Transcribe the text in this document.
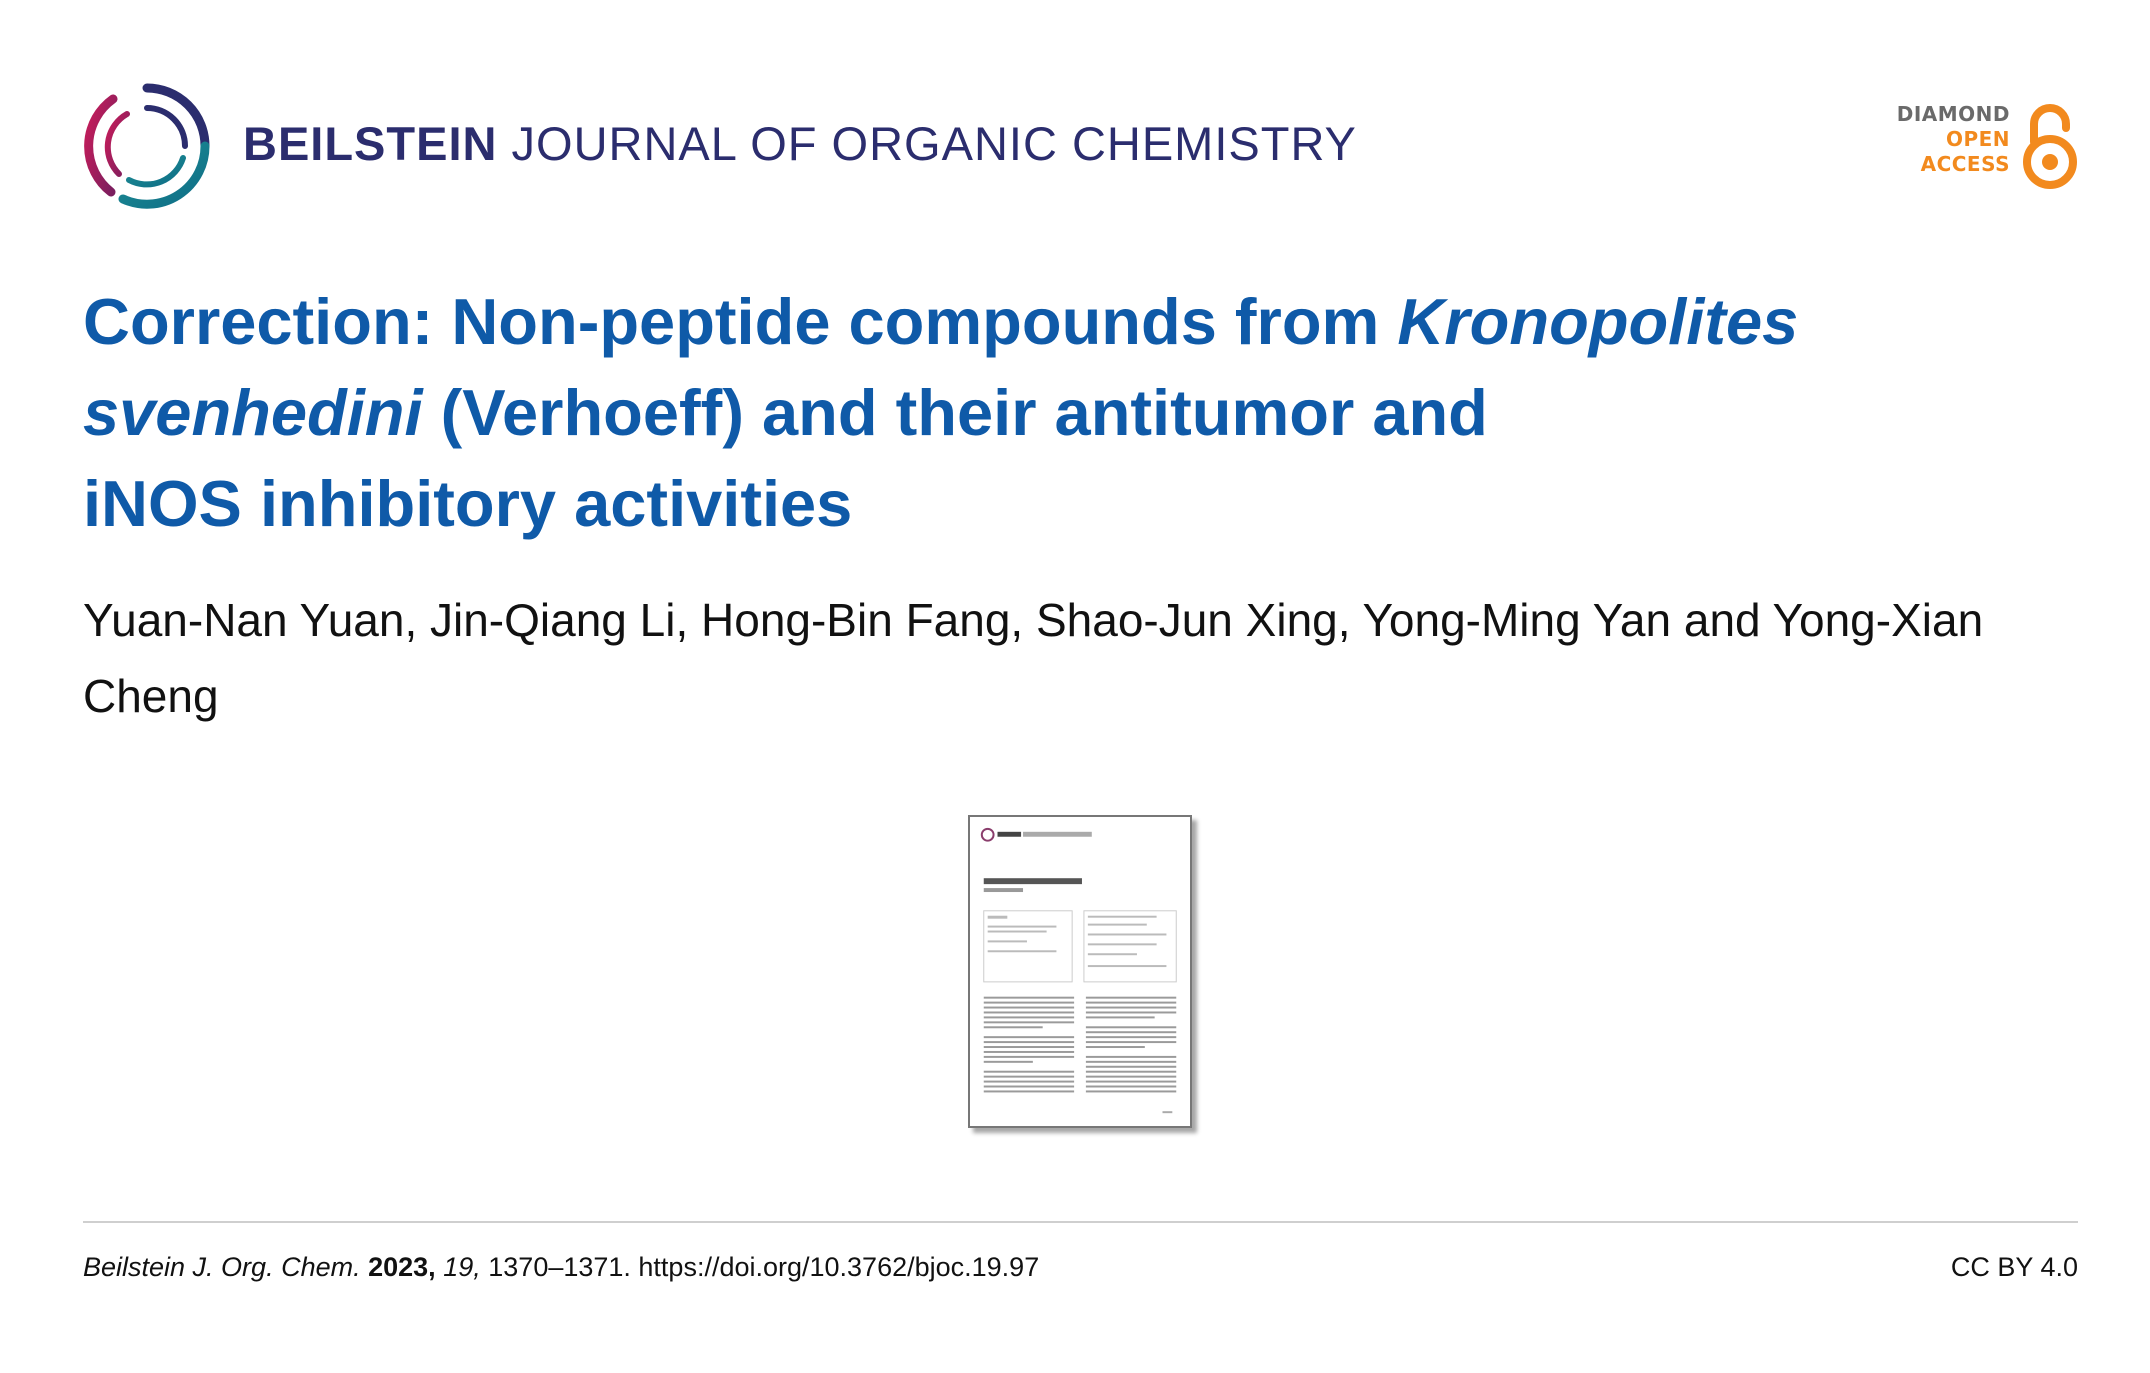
BEILSTEIN JOURNAL OF ORGANIC CHEMISTRY
DIAMOND
OPEN
ACCESS
Correction: Non-peptide compounds from Kronopolites
svenhedini (Verhoeff) and their antitumor and
iNOS inhibitory activities
Yuan-Nan Yuan, Jin-Qiang Li, Hong-Bin Fang, Shao-Jun Xing, Yong-Ming Yan and Yong-Xian Cheng
Beilstein J. Org. Chem. 2023, 19, 1370–1371. https://doi.org/10.3762/bjoc.19.97	CC BY 4.0
